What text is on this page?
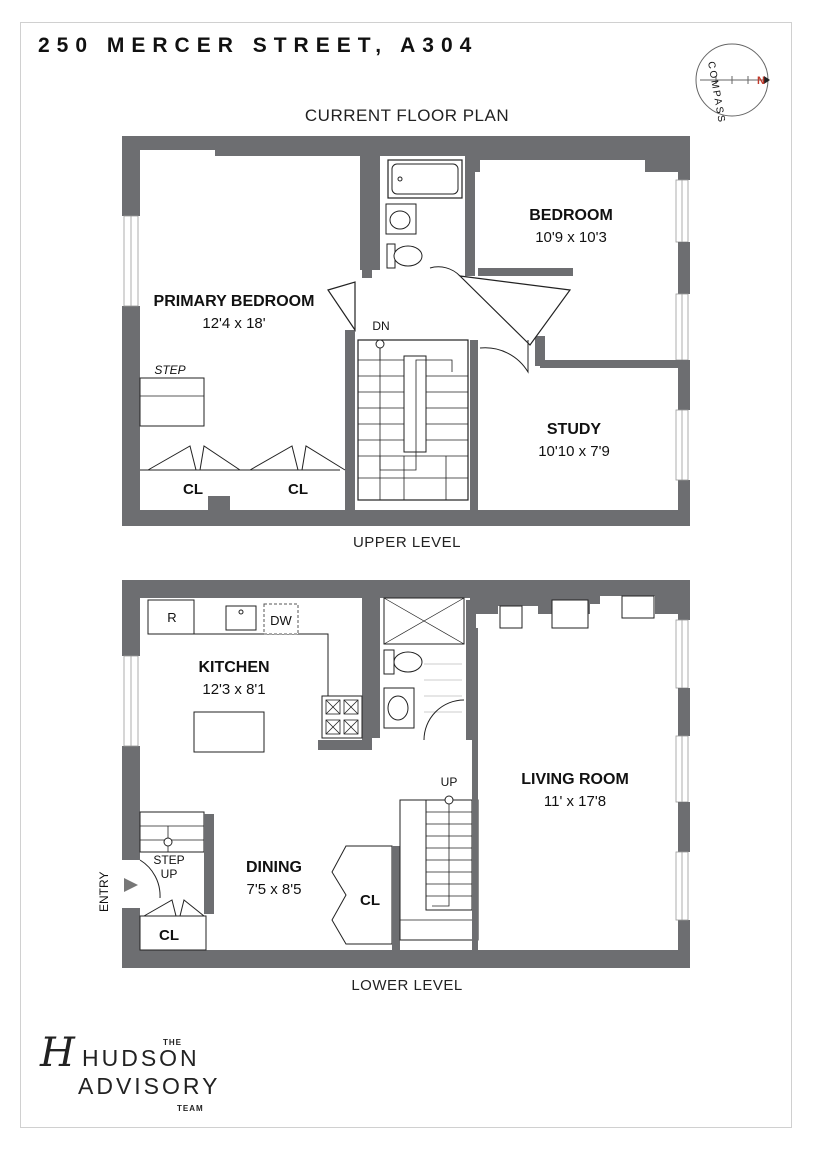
250 MERCER STREET, A304
CURRENT FLOOR PLAN
N
COMPASS
PRIMARY BEDROOM
12'4 x 18'
BEDROOM
10'9 x 10'3
STUDY
10'10 x 7'9
CL	CL
STEP
DN
KITCHEN
12'3 x 8'1
LIVING ROOM
11' x 17'8
DINING
7'5 x 8'5
R	DW
UP
STEP
UP
ENTRY	CL
CL
UPPER LEVEL
LOWER LEVEL
H	THE
HUDSON
ADVISORY
TEAM
